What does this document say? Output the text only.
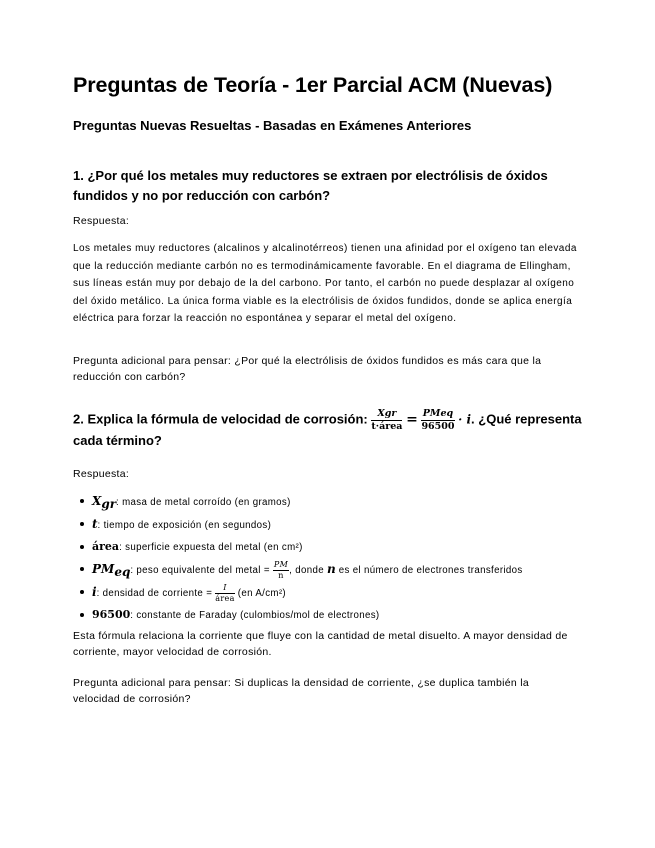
Preguntas de Teoría - 1er Parcial ACM (Nuevas)
Preguntas Nuevas Resueltas - Basadas en Exámenes Anteriores
1. ¿Por qué los metales muy reductores se extraen por electrólisis de óxidos fundidos y no por reducción con carbón?

Respuesta:

Los metales muy reductores (alcalinos y alcalinotérreos) tienen una afinidad por el oxígeno tan elevada que la reducción mediante carbón no es termodinámicamente favorable. En el diagrama de Ellingham, sus líneas están muy por debajo de la del carbono. Por tanto, el carbón no puede desplazar al oxígeno del óxido metálico. La única forma viable es la electrólisis de óxidos fundidos, donde se aplica energía eléctrica para forzar la reacción no espontánea y separar el metal del oxígeno.

Pregunta adicional para pensar: ¿Por qué la electrólisis de óxidos fundidos es más cara que la reducción con carbón?

2. Explica la fórmula de velocidad de corrosión: $\frac{\text{Xgr}}{\text{t·área}} = \frac{\text{PMeq}}{96500} \cdot i$. ¿Qué representa cada término?

Respuesta:

$X_{gr}$: masa de metal corroído (en gramos)
t: tiempo de exposición (en segundos)
área: superficie expuesta del metal (en cm²)
$PM_{eq}$: peso equivalente del metal = $\frac{PM}{n}$ , donde n es el número de electrones transferidos
i: densidad de corriente = $\frac{I}{\text{área}} (en$ A/cm²)
96500: constante de Faraday (culombios/mol de electrones)

Esta fórmula relaciona la corriente que fluye con la cantidad de metal disuelto. A mayor densidad de corriente, mayor velocidad de corrosión.

Pregunta adicional para pensar: Si duplicas la densidad de corriente, ¿se duplica también la velocidad de corrosión?
